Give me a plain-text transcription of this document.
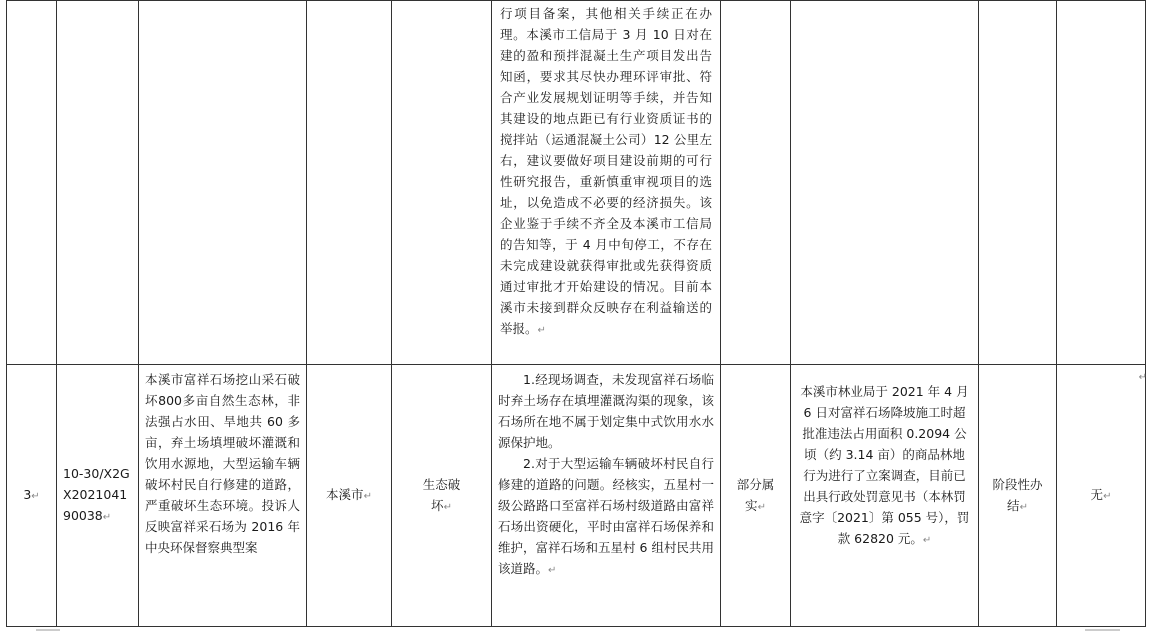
					行项目备案，其他相关手续正在办理。本溪市工信局于 3 月 10 日对在建的盈和预拌混凝土生产项目发出告知函，要求其尽快办理环评审批、符合产业发展规划证明等手续，并告知其建设的地点距已有行业资质证书的搅拌站（运通混凝土公司）12 公里左右，建议要做好项目建设前期的可行性研究报告，重新慎重审视项目的选址，以免造成不必要的经济损失。该企业鉴于手续不齐全及本溪市工信局的告知等，于 4 月中旬停工，不存在未完成建设就获得审批或先获得资质通过审批才开始建设的情况。目前本溪市未接到群众反映存在利益输送的举报。↵				
3↵	10-30/X2GX202104190038↵	本溪市富祥石场挖山采石破坏800多亩自然生态林，非法强占水田、旱地共 60 多亩，弃土场填埋破坏灌溉和饮用水源地，大型运输车辆破坏村民自行修建的道路，严重破坏生态环境。投诉人反映富祥采石场为 2016 年中央环保督察典型案	本溪市↵	生态破坏↵	1.经现场调查，未发现富祥石场临时弃土场存在填埋灌溉沟渠的现象，该石场所在地不属于划定集中式饮用水水源保护地。
2.对于大型运输车辆破坏村民自行修建的道路的问题。经核实，五星村一级公路路口至富祥石场村级道路由富祥石场出资硬化，平时由富祥石场保养和维护，富祥石场和五星村 6 组村民共用该道路。↵	部分属实↵	本溪市林业局于 2021 年 4 月 6 日对富祥石场降坡施工时超批准违法占用面积 0.2094 公顷（约 3.14 亩）的商品林地行为进行了立案调查，目前已出具行政处罚意见书（本林罚意字〔2021〕第 055 号），罚款 62820 元。↵	阶段性办结↵	无↵
↵
